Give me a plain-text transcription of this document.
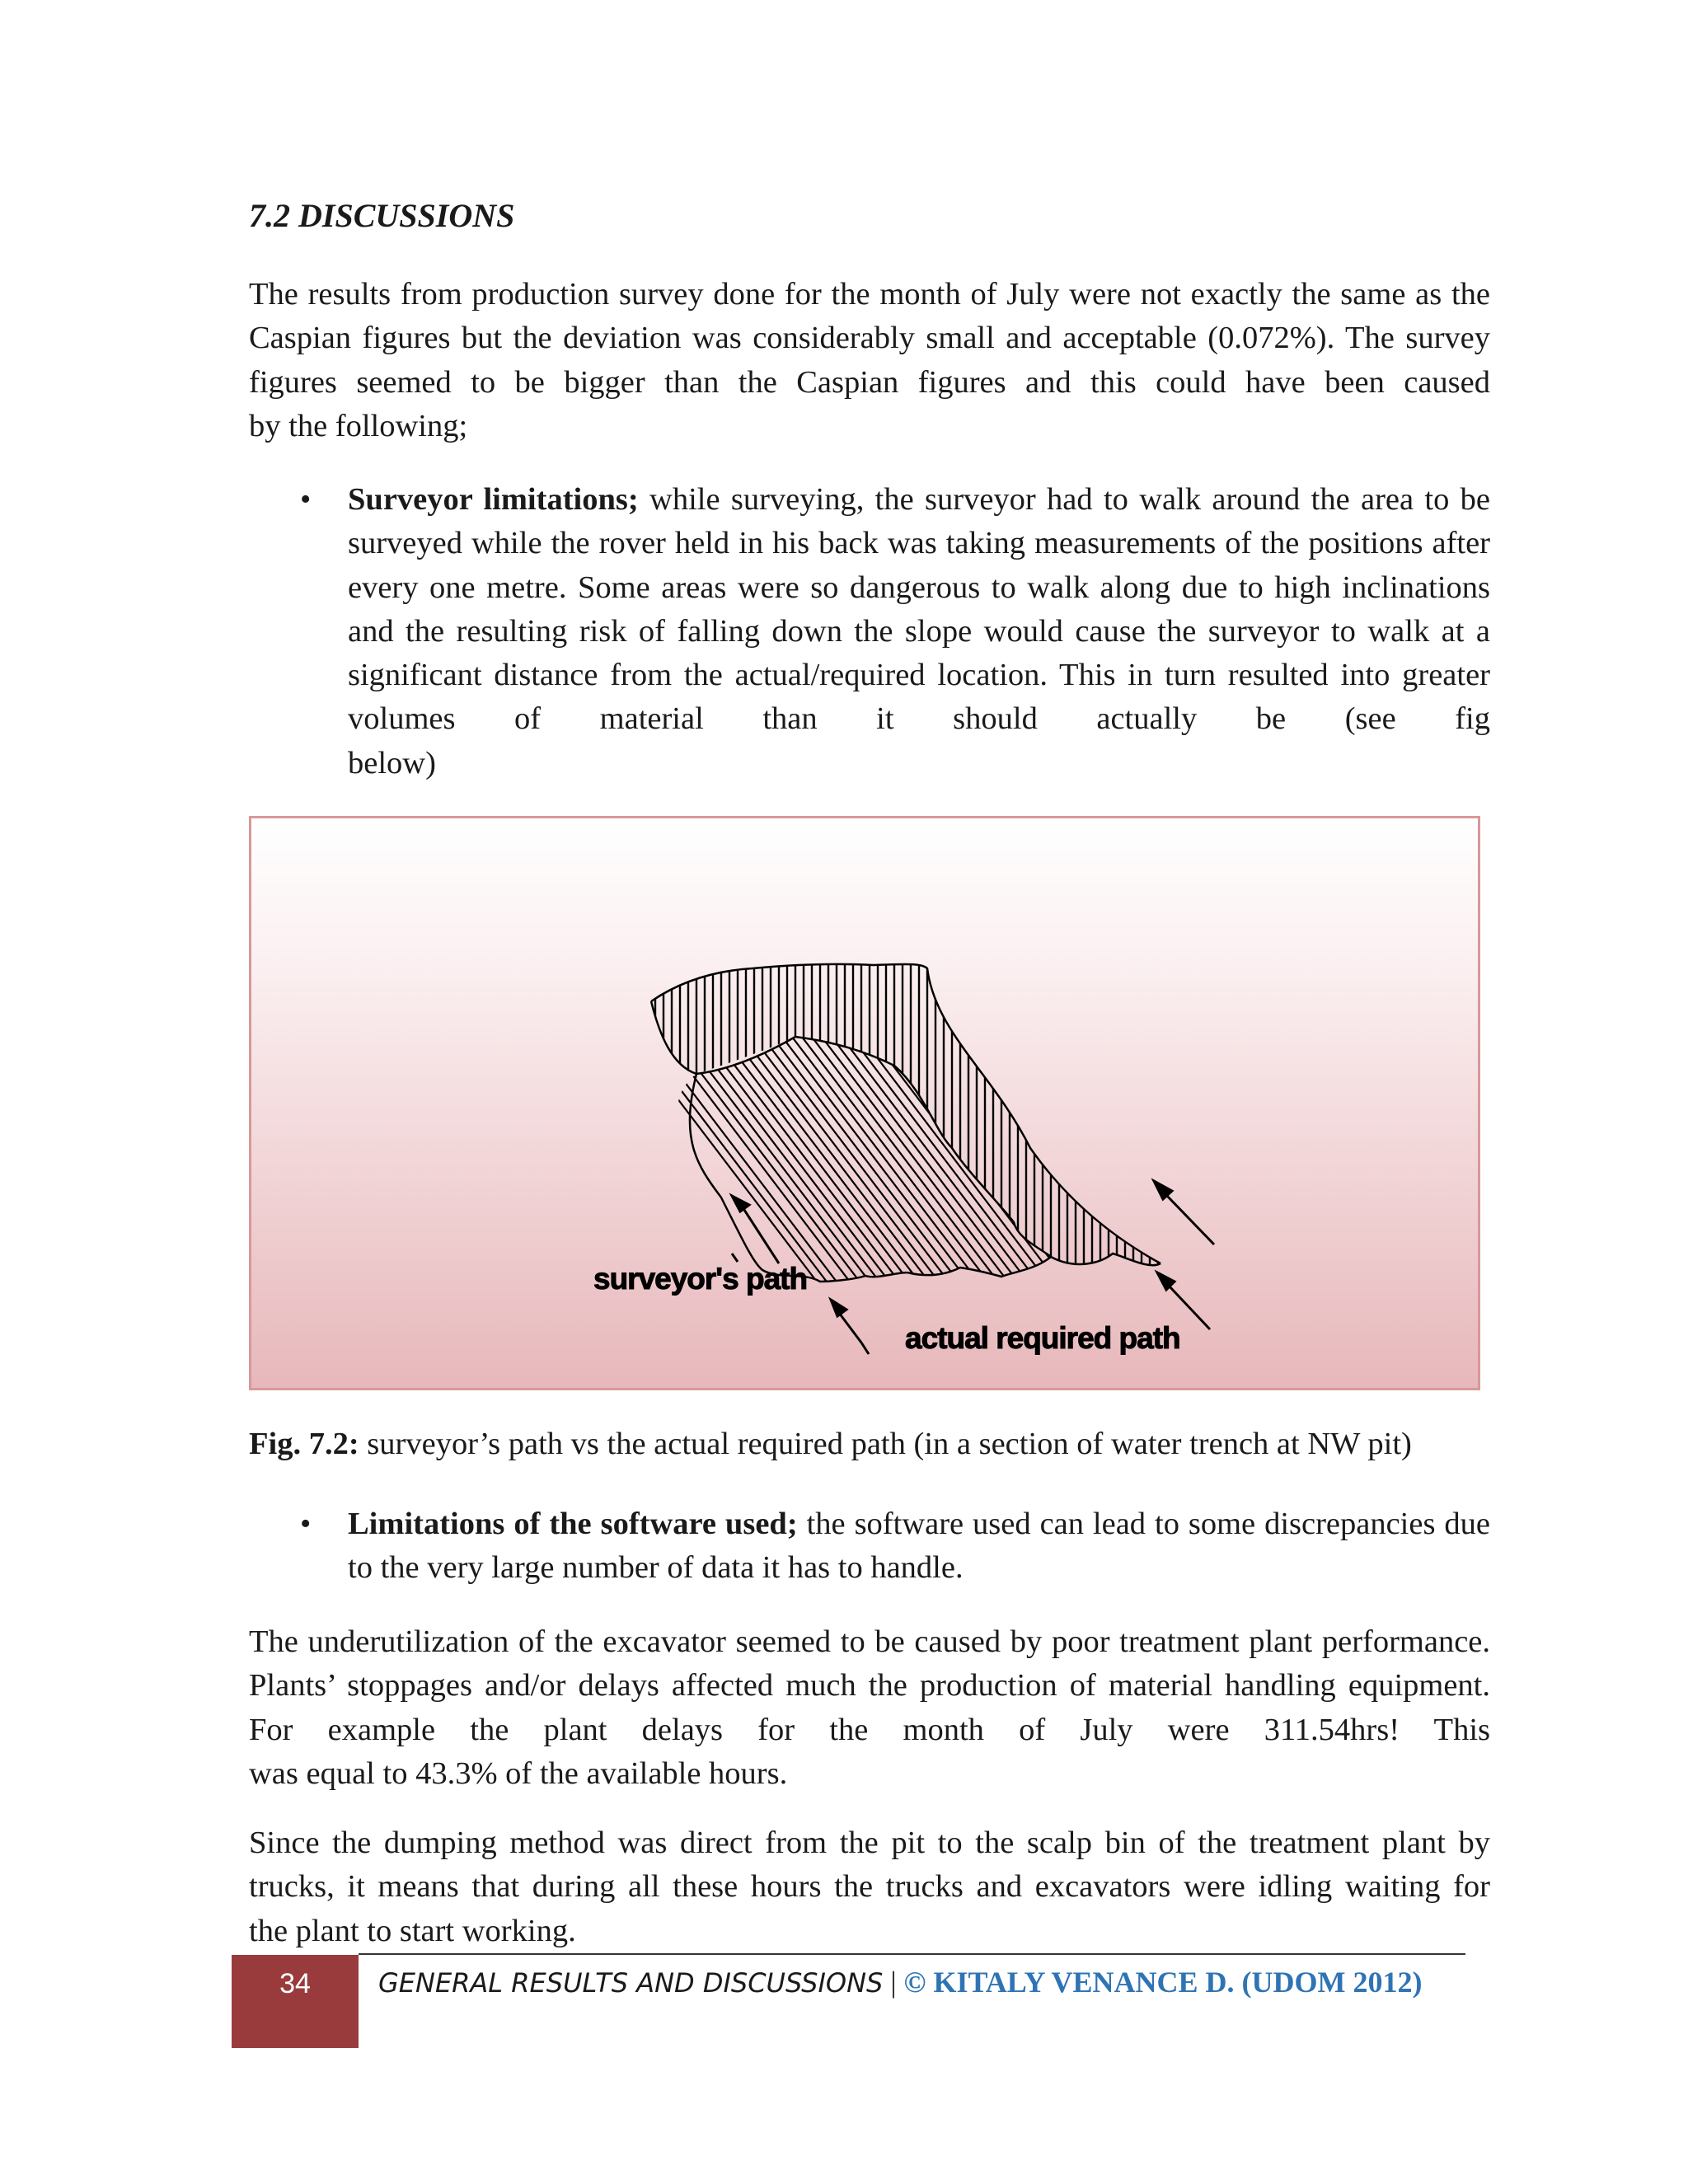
7.2 DISCUSSIONS
The results from production survey done for the month of July were not exactly the same as the Caspian figures but the deviation was considerably small and acceptable (0.072%). The survey figures seemed to be bigger than the Caspian figures and this could have been caused
by the following;
• Surveyor limitations; while surveying, the surveyor had to walk around the area to be surveyed while the rover held in his back was taking measurements of the positions after every one metre. Some areas were so dangerous to walk along due to high inclinations and the resulting risk of falling down the slope would cause the surveyor to walk at a significant distance from the actual/required location. This in turn resulted into greater volumes of material than it should actually be (see fig
below)
surveyor's path
actual required path

Fig. 7.2: surveyor’s path vs the actual required path (in a section of water trench at NW pit)

• Limitations of the software used; the software used can lead to some discrepancies due to the very large number of data it has to handle.
The underutilization of the excavator seemed to be caused by poor treatment plant performance. Plants’ stoppages and/or delays affected much the production of material handling equipment. For example the plant delays for the month of July were 311.54hrs! This
was equal to 43.3% of the available hours.
Since the dumping method was direct from the pit to the scalp bin of the treatment plant by trucks, it means that during all these hours the trucks and excavators were idling waiting for
the plant to start working.
34	GENERAL RESULTS AND DISCUSSIONS | © KITALY VENANCE D. (UDOM 2012)
